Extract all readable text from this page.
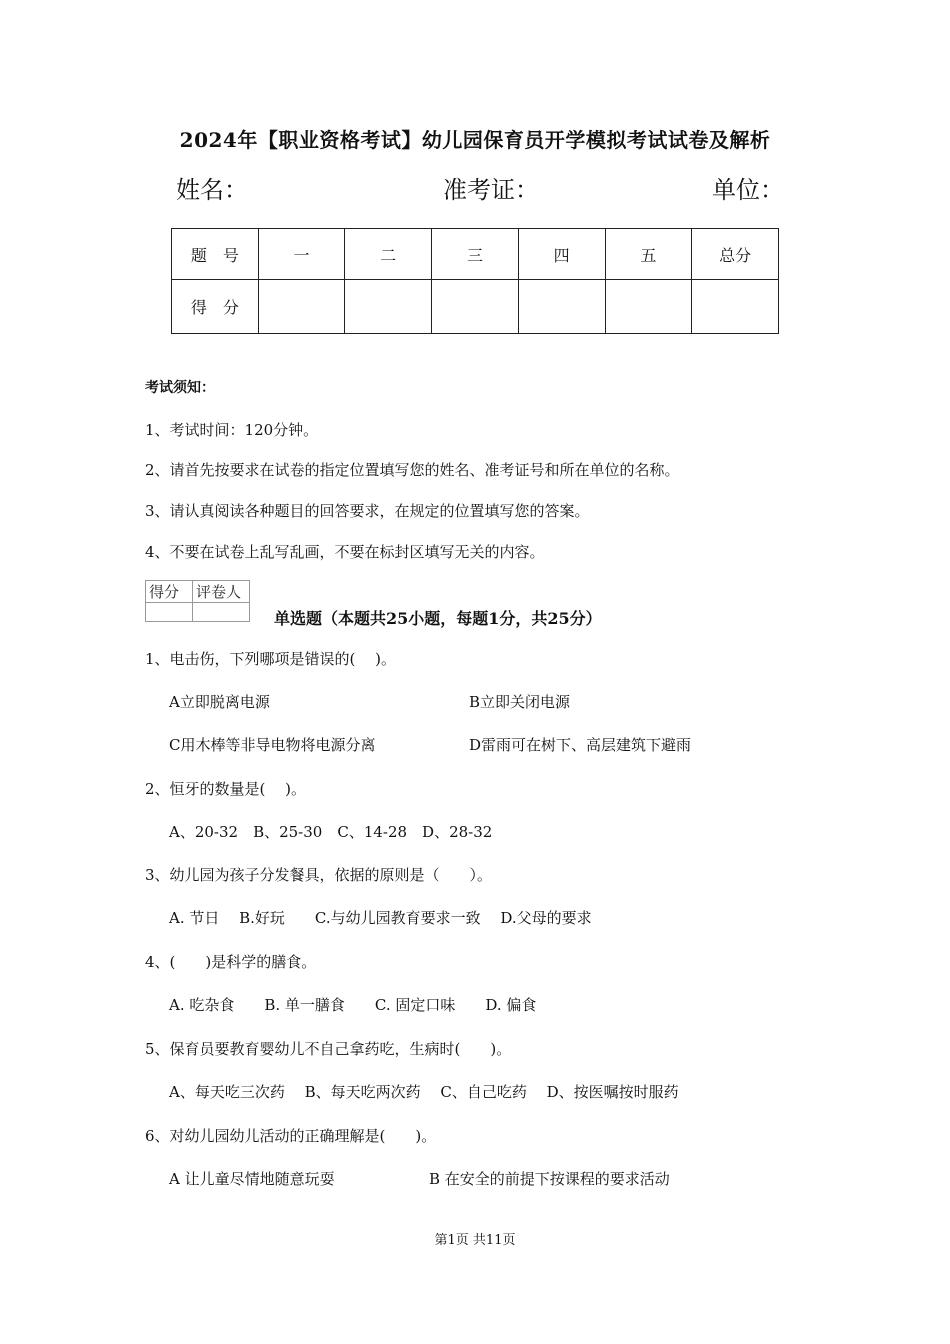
2024年【职业资格考试】幼儿园保育员开学模拟考试试卷及解析
姓名：	准考证：	单位：
题　号	一	二	三	四	五	总分
得　分						
考试须知：
1、考试时间：120分钟。
2、请首先按要求在试卷的指定位置填写您的姓名、准考证号和所在单位的名称。
3、请认真阅读各种题目的回答要求，在规定的位置填写您的答案。
4、不要在试卷上乱写乱画，不要在标封区填写无关的内容。
得分	评卷人

单选题（本题共25小题，每题1分，共25分）
1、电击伤，下列哪项是错误的(　 )。
A立即脱离电源	B立即关闭电源
C用木棒等非导电物将电源分离	D雷雨可在树下、高层建筑下避雨
2、恒牙的数量是(　 )。
A、20-32　B、25-30　C、14-28　D、28-32
3、幼儿园为孩子分发餐具，依据的原则是（　　）。
A. 节日　 B.好玩　　C.与幼儿园教育要求一致　 D.父母的要求
4、(　　)是科学的膳食。
A. 吃杂食　　B. 单一膳食　　C. 固定口味　　D. 偏食
5、保育员要教育婴幼儿不自己拿药吃，生病时(　　)。
A、每天吃三次药　 B、每天吃两次药　 C、自己吃药　 D、按医嘱按时服药
6、对幼儿园幼儿活动的正确理解是(　　)。
A 让儿童尽情地随意玩耍	B 在安全的前提下按课程的要求活动
第1页 共11页
